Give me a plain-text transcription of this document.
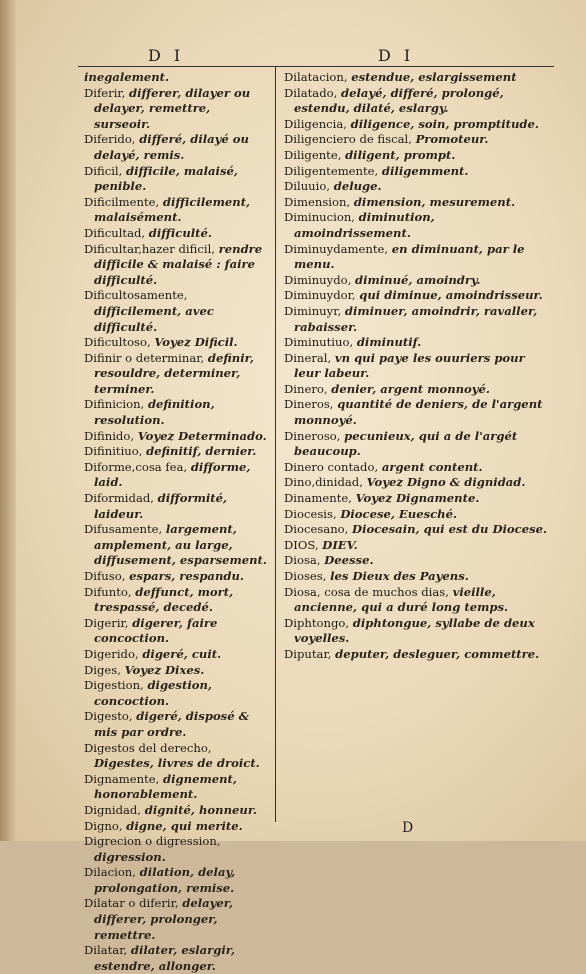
D I	D I

inegalement.

Diferir, differer, dilayer ou delayer, remettre, surseoir.

Diferido, differé, dilayé ou delayé, remis.

Dificil, difficile, malaisé, penible.

Dificilmente, difficilement, malaisément.

Dificultad, difficulté.

Dificultar,hazer dificil, rendre difficile & malaisé : faire difficulté.

Dificultosamente, difficilement, avec difficulté.

Dificultoso, Voyez Dificil.

Difinir o determinar, definir, resouldre, determiner, terminer.

Difinicion, definition, resolution.

Difinido, Voyez Determinado.

Difinitiuo, definitif, dernier.

Diforme,cosa fea, difforme, laid.

Diformidad, difformité, laideur.

Difusamente, largement, amplement, au large, diffusement, esparsement.

Difuso, espars, respandu.

Difunto, deffunct, mort, trespassé, decedé.

Digerir, digerer, faire concoction.

Digerido, digeré, cuit.

Diges, Voyez Dixes.

Digestion, digestion, concoction.

Digesto, digeré, disposé & mis par ordre.

Digestos del derecho, Digestes, livres de droict.

Dignamente, dignement, honorablement.

Dignidad, dignité, honneur.

Digno, digne, qui merite.

Digrecion o digression, digression.

Dilacion, dilation, delay, prolongation, remise.

Dilatar o diferir, delayer, differer, prolonger, remettre.

Dilatar, dilater, eslargir, estendre, allonger.

Dilatacion, estendue, eslargissement

Dilatado, delayé, differé, prolongé, estendu, dilaté, eslargy.

Diligencia, diligence, soin, promptitude.

Diligenciero de fiscal, Promoteur.

Diligente, diligent, prompt.

Diligentemente, diligemment.

Diluuio, deluge.

Dimension, dimension, mesurement.

Diminucion, diminution, amoindrissement.

Diminuydamente, en diminuant, par le menu.

Diminuydo, diminué, amoindry.

Diminuydor, qui diminue, amoindrisseur.

Diminuyr, diminuer, amoindrir, ravaller, rabaisser.

Diminutiuo, diminutif.

Dineral, vn qui paye les ouuriers pour leur labeur.

Dinero, denier, argent monnoyé.

Dineros, quantité de deniers, de l'argent monnoyé.

Dineroso, pecunieux, qui a de l'argét beaucoup.

Dinero contado, argent content.

Dino,dinidad, Voyez Digno & dignidad.

Dinamente, Voyez Dignamente.

Diocesis, Diocese, Euesché.

Diocesano, Diocesain, qui est du Diocese.

DIOS, DIEV.

Diosa, Deesse.

Dioses, les Dieux des Payens.

Diosa, cosa de muchos dias, vieille, ancienne, qui a duré long temps.

Diphtongo, diphtongue, syllabe de deux voyelles.

Diputar, deputer, desleguer, commettre.

D
